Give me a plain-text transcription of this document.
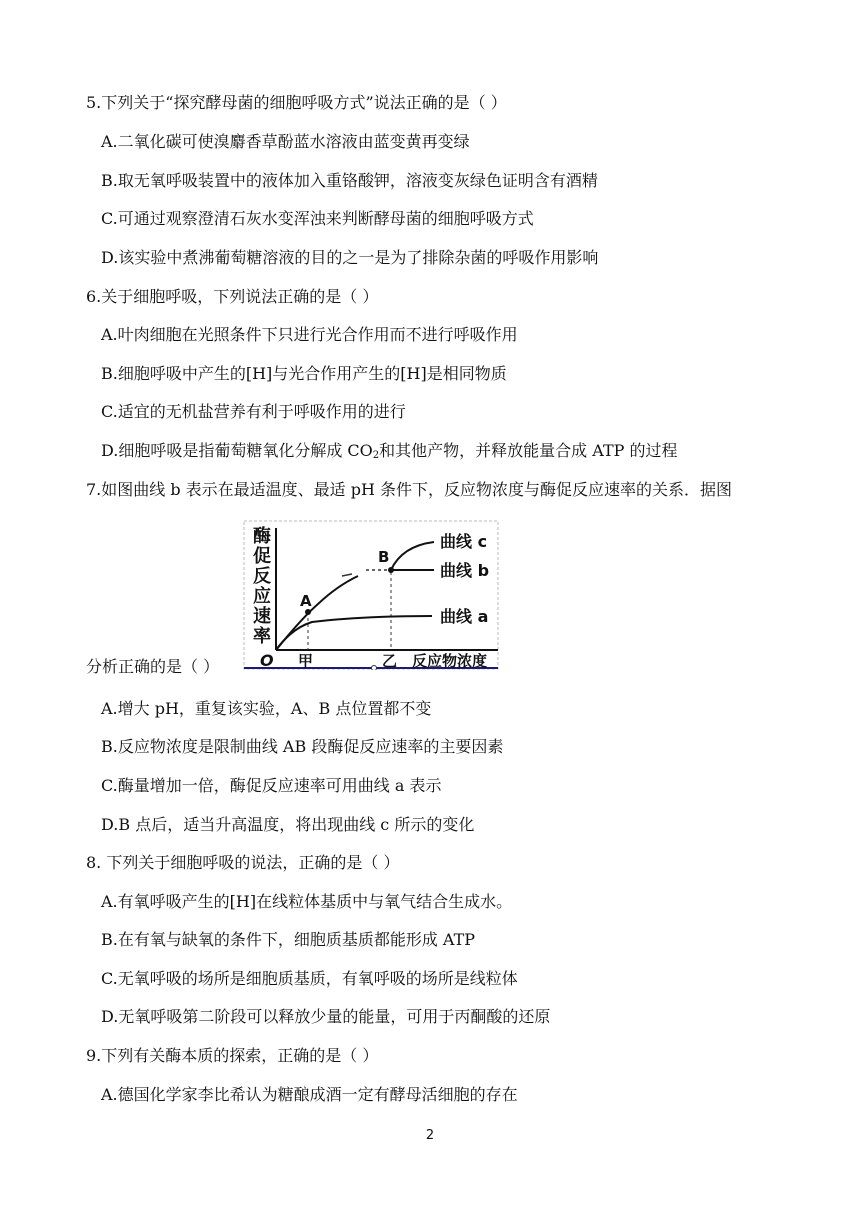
5.下列关于“探究酵母菌的细胞呼吸方式”说法正确的是（ ）
A.二氧化碳可使溴麝香草酚蓝水溶液由蓝变黄再变绿
B.取无氧呼吸装置中的液体加入重铬酸钾，溶液变灰绿色证明含有酒精
C.可通过观察澄清石灰水变浑浊来判断酵母菌的细胞呼吸方式
D.该实验中煮沸葡萄糖溶液的目的之一是为了排除杂菌的呼吸作用影响
6.关于细胞呼吸，下列说法正确的是（ ）
A.叶肉细胞在光照条件下只进行光合作用而不进行呼吸作用
B.细胞呼吸中产生的[H]与光合作用产生的[H]是相同物质
C.适宜的无机盐营养有利于呼吸作用的进行
D.细胞呼吸是指葡萄糖氧化分解成 $CO_2$和其他产物，并释放能量合成 ATP 的过程
7.如图曲线 b 表示在最适温度、最适 pH 条件下，反应物浓度与酶促反应速率的关系．据图
酶
促
反
应
速
率
O 甲	乙 反应物浓度
A
B
曲线 c
曲线 b
曲线 a
分析正确的是（ ）
A.增大 pH，重复该实验，A、B 点位置都不变
B.反应物浓度是限制曲线 AB 段酶促反应速率的主要因素
C.酶量增加一倍，酶促反应速率可用曲线 a 表示
D.B 点后，适当升高温度，将出现曲线 c 所示的变化
8. 下列关于细胞呼吸的说法，正确的是（ ）
A.有氧呼吸产生的[H]在线粒体基质中与氧气结合生成水。
B.在有氧与缺氧的条件下，细胞质基质都能形成 ATP
C.无氧呼吸的场所是细胞质基质，有氧呼吸的场所是线粒体
D.无氧呼吸第二阶段可以释放少量的能量，可用于丙酮酸的还原
9.下列有关酶本质的探索，正确的是（ ）
A.德国化学家李比希认为糖酿成酒一定有酵母活细胞的存在
2
